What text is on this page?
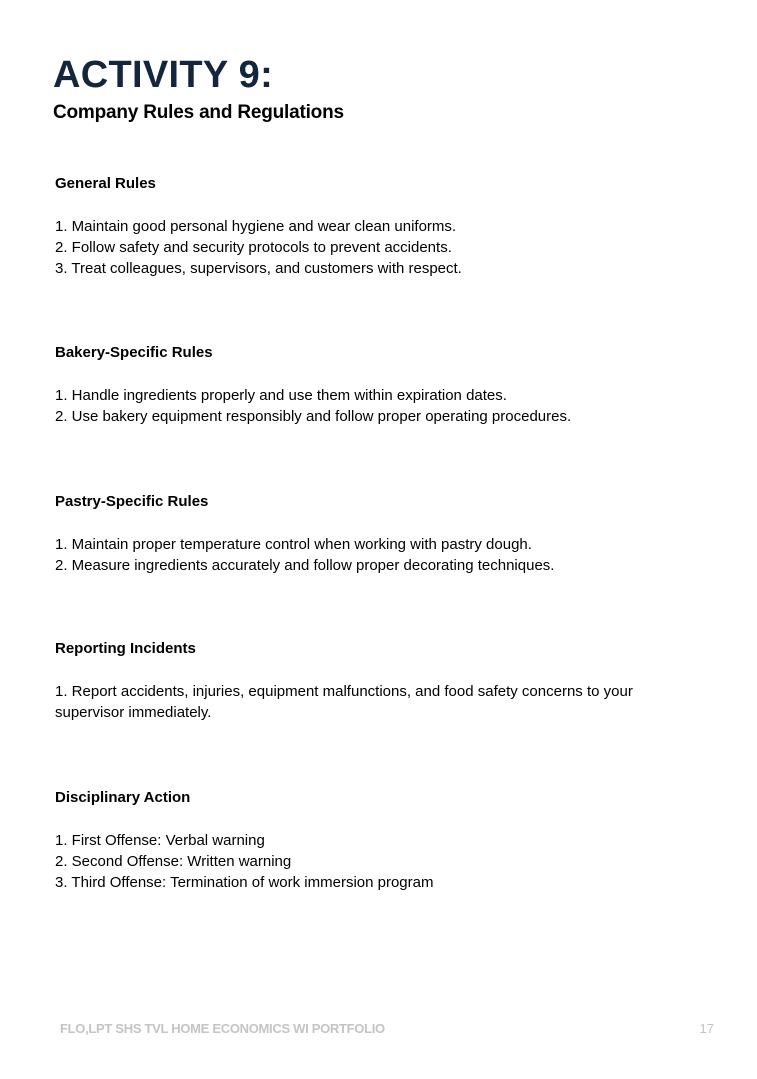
ACTIVITY 9:
Company Rules and Regulations
General Rules
1. Maintain good personal hygiene and wear clean uniforms.
2. Follow safety and security protocols to prevent accidents.
3. Treat colleagues, supervisors, and customers with respect.
Bakery-Specific Rules
1. Handle ingredients properly and use them within expiration dates.
2. Use bakery equipment responsibly and follow proper operating procedures.
Pastry-Specific Rules
1. Maintain proper temperature control when working with pastry dough.
2. Measure ingredients accurately and follow proper decorating techniques.
Reporting Incidents
1. Report accidents, injuries, equipment malfunctions, and food safety concerns to your supervisor immediately.
Disciplinary Action
1. First Offense: Verbal warning
2. Second Offense: Written warning
3. Third Offense: Termination of work immersion program
FLO,LPT SHS TVL HOME ECONOMICS WI PORTFOLIO	17
